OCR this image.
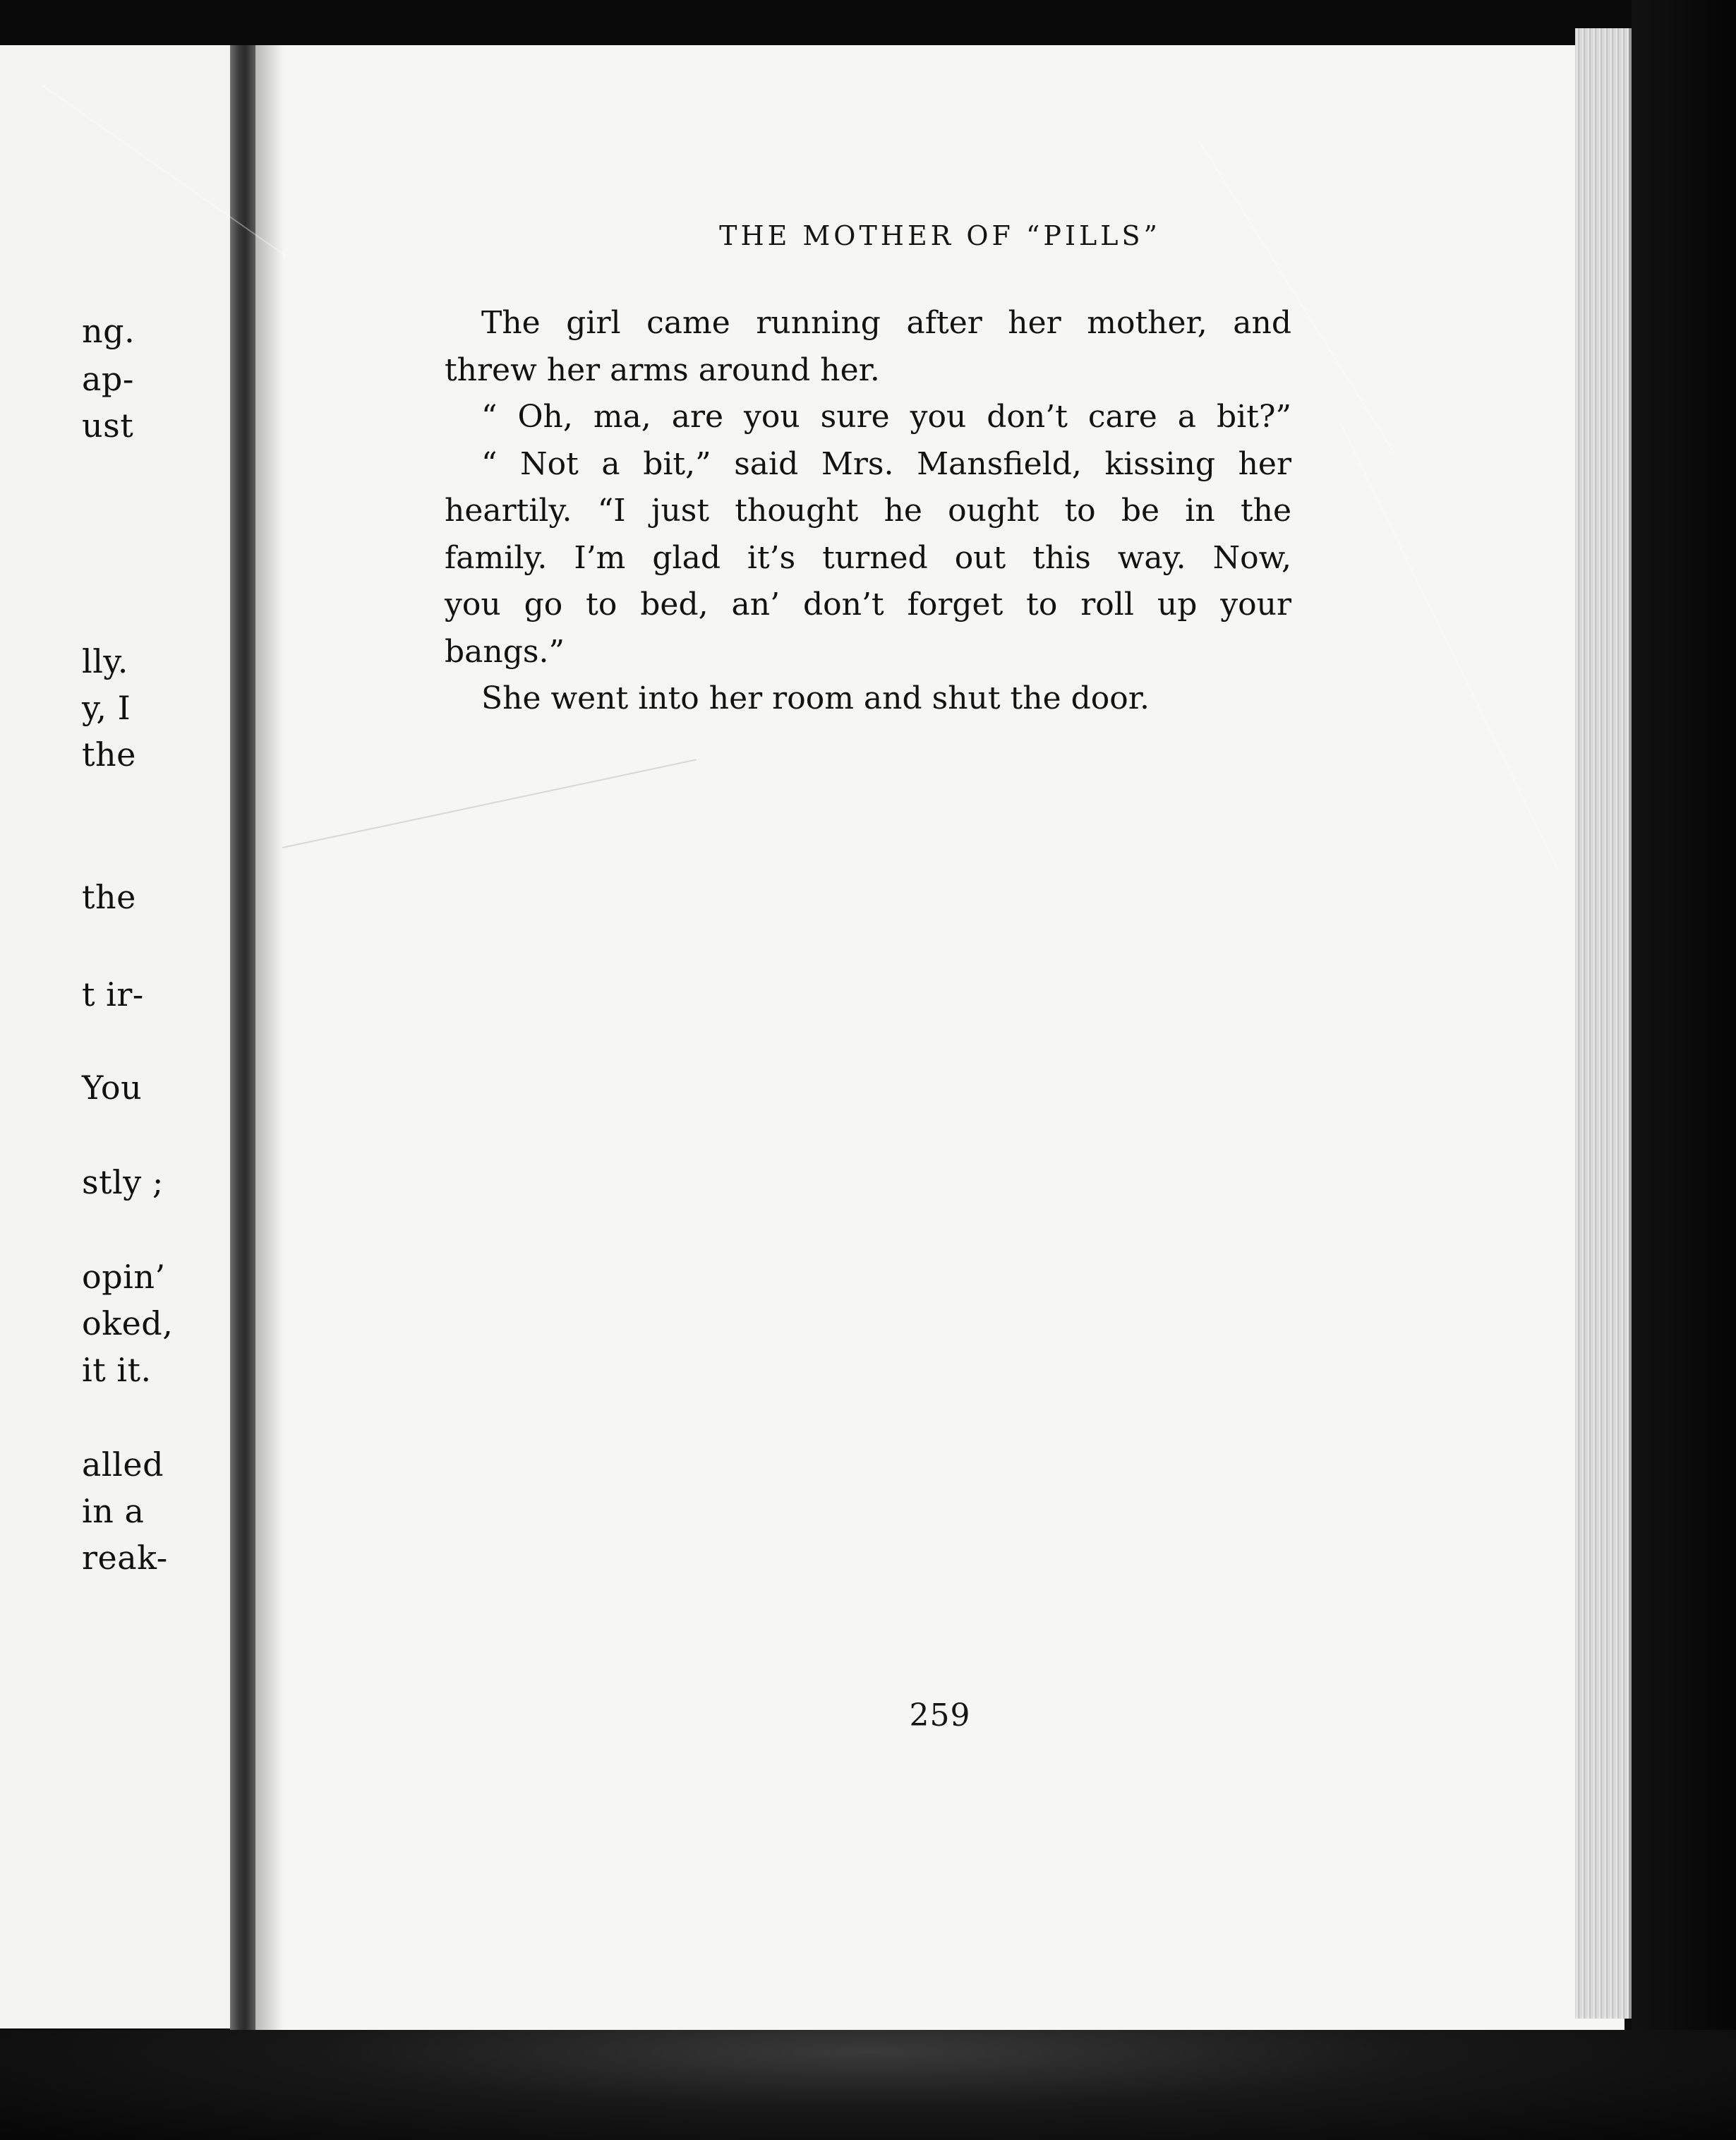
ng.
ap-
ust
lly.
y, I
the
the
t ir-
You
stly ;
opin’
oked,
it it.
alled
in a
reak-
THE MOTHER OF “PILLS”
The girl came running after her mother, and
threw her arms around her.
“ Oh, ma, are you sure you don’t care a bit?”
“ Not a bit,” said Mrs. Mansfield, kissing her
heartily. “I just thought he ought to be in the
family. I’m glad it’s turned out this way. Now,
you go to bed, an’ don’t forget to roll up your
bangs.”
She went into her room and shut the door.
259
